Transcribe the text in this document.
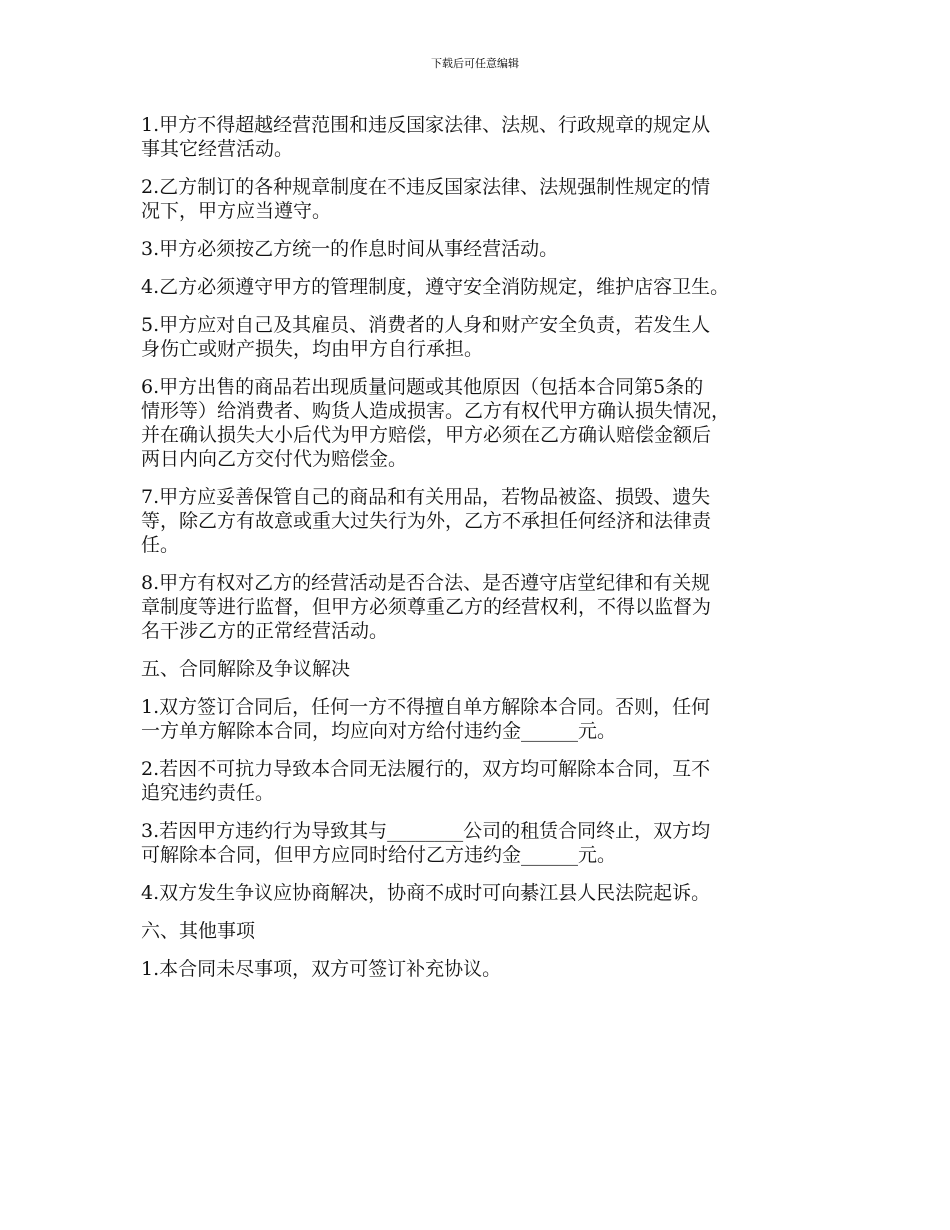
下载后可任意编辑
1.甲方不得超越经营范围和违反国家法律、法规、行政规章的规定从
事其它经营活动。
2.乙方制订的各种规章制度在不违反国家法律、法规强制性规定的情
况下，甲方应当遵守。
3.甲方必须按乙方统一的作息时间从事经营活动。
4.乙方必须遵守甲方的管理制度，遵守安全消防规定，维护店容卫生。
5.甲方应对自己及其雇员、消费者的人身和财产安全负责，若发生人
身伤亡或财产损失，均由甲方自行承担。
6.甲方出售的商品若出现质量问题或其他原因（包括本合同第5条的
情形等）给消费者、购货人造成损害。乙方有权代甲方确认损失情况，
并在确认损失大小后代为甲方赔偿，甲方必须在乙方确认赔偿金额后
两日内向乙方交付代为赔偿金。
7.甲方应妥善保管自己的商品和有关用品，若物品被盗、损毁、遗失
等，除乙方有故意或重大过失行为外，乙方不承担任何经济和法律责
任。
8.甲方有权对乙方的经营活动是否合法、是否遵守店堂纪律和有关规
章制度等进行监督，但甲方必须尊重乙方的经营权利，不得以监督为
名干涉乙方的正常经营活动。
五、合同解除及争议解决
1.双方签订合同后，任何一方不得擅自单方解除本合同。否则，任何
一方单方解除本合同，均应向对方给付违约金______元。
2.若因不可抗力导致本合同无法履行的，双方均可解除本合同，互不
追究违约责任。
3.若因甲方违约行为导致其与________公司的租赁合同终止，双方均
可解除本合同，但甲方应同时给付乙方违约金______元。
4.双方发生争议应协商解决，协商不成时可向綦江县人民法院起诉。
六、其他事项
1.本合同未尽事项，双方可签订补充协议。
